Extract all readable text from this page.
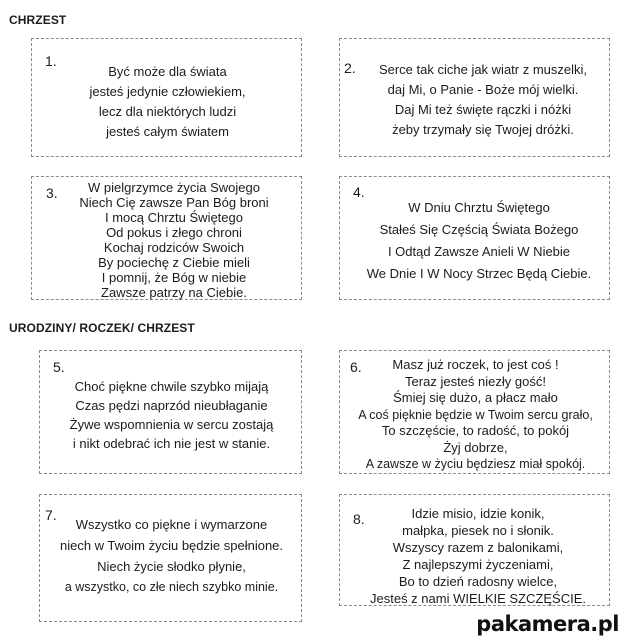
CHRZEST
URODZINY/ ROCZEK/ CHRZEST
1.
Być może dla świata
jesteś jedynie człowiekiem,
lecz dla niektórych ludzi
jesteś całym światem
2.	Serce tak ciche jak wiatr z muszelki,
daj Mi, o Panie - Boże mój wielki.
Daj Mi też święte rączki i nóżki
żeby trzymały się Twojej dróżki.
3.	W pielgrzymce życia Swojego
Niech Cię zawsze Pan Bóg broni
I mocą Chrztu Świętego
Od pokus i złego chroni
Kochaj rodziców Swoich
By pociechę z Ciebie mieli
I pomnij, że Bóg w niebie
Zawsze patrzy na Ciebie.
4.
W Dniu Chrztu Świętego
Stałeś Się Częścią Świata Bożego
I Odtąd Zawsze Anieli W Niebie
We Dnie I W Nocy Strzec Będą Ciebie.
5.
Choć piękne chwile szybko mijają
Czas pędzi naprzód nieubłaganie
Żywe wspomnienia w sercu zostają
i nikt odebrać ich nie jest w stanie.
6.	Masz już roczek, to jest coś !
Teraz jesteś niezły gość!
Śmiej się dużo, a płacz mało
A coś pięknie będzie w Twoim sercu grało,
To szczęście, to radość, to pokój
Żyj dobrze,
A zawsze w życiu będziesz miał spokój.
7.
Wszystko co piękne i wymarzone
niech w Twoim życiu będzie spełnione.
Niech życie słodko płynie,
a wszystko, co złe niech szybko minie.
8.	Idzie misio, idzie konik,
małpka, piesek no i słonik.
Wszyscy razem z balonikami,
Z najlepszymi życzeniami,
Bo to dzień radosny wielce,
Jesteś z nami WIELKIE SZCZĘŚCIE.
pakamera.pl
